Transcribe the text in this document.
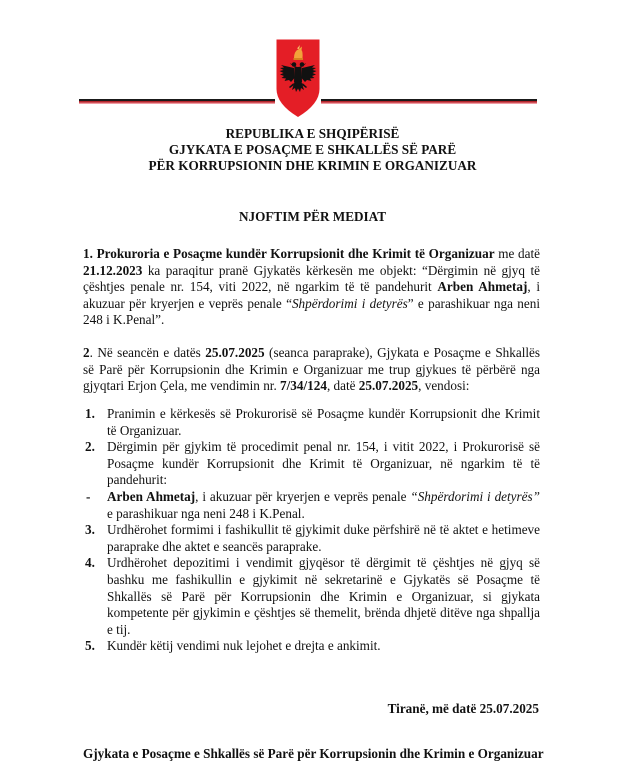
REPUBLIKA E SHQIPËRISË
GJYKATA E POSAÇME E SHKALLËS SË PARË
PËR KORRUPSIONIN DHE KRIMIN E ORGANIZUAR
NJOFTIM PËR MEDIAT
1. Prokuroria e Posaçme kundër Korrupsionit dhe Krimit të Organizuar me datë 21.12.2023 ka paraqitur pranë Gjykatës kërkesën me objekt: “Dërgimin në gjyq të çështjes penale nr. 154, viti 2022, në ngarkim të të pandehurit Arben Ahmetaj, i akuzuar për kryerjen e veprës penale “Shpërdorimi i detyrës” e parashikuar nga neni 248 i K.Penal”.
2. Në seancën e datës 25.07.2025 (seanca paraprake), Gjykata e Posaçme e Shkallës së Parë për Korrupsionin dhe Krimin e Organizuar me trup gjykues të përbërë nga gjyqtari Erjon Çela, me vendimin nr. 7/34/124, datë 25.07.2025, vendosi:
1. Pranimin e kërkesës së Prokurorisë së Posaçme kundër Korrupsionit dhe Krimit të Organizuar.
2. Dërgimin për gjykim të procedimit penal nr. 154, i vitit 2022, i Prokurorisë së Posaçme kundër Korrupsionit dhe Krimit të Organizuar, në ngarkim të të pandehurit:
- Arben Ahmetaj, i akuzuar për kryerjen e veprës penale “Shpërdorimi i detyrës” e parashikuar nga neni 248 i K.Penal.
3. Urdhërohet formimi i fashikullit të gjykimit duke përfshirë në të aktet e hetimeve paraprake dhe aktet e seancës paraprake.
4. Urdhërohet depozitimi i vendimit gjyqësor të dërgimit të çështjes në gjyq së bashku me fashikullin e gjykimit në sekretarinë e Gjykatës së Posaçme të Shkallës së Parë për Korrupsionin dhe Krimin e Organizuar, si gjykata kompetente për gjykimin e çështjes së themelit, brënda dhjetë ditëve nga shpallja e tij.
5. Kundër këtij vendimi nuk lejohet e drejta e ankimit.
Tiranë, më datë 25.07.2025
Gjykata e Posaçme e Shkallës së Parë për Korrupsionin dhe Krimin e Organizuar
